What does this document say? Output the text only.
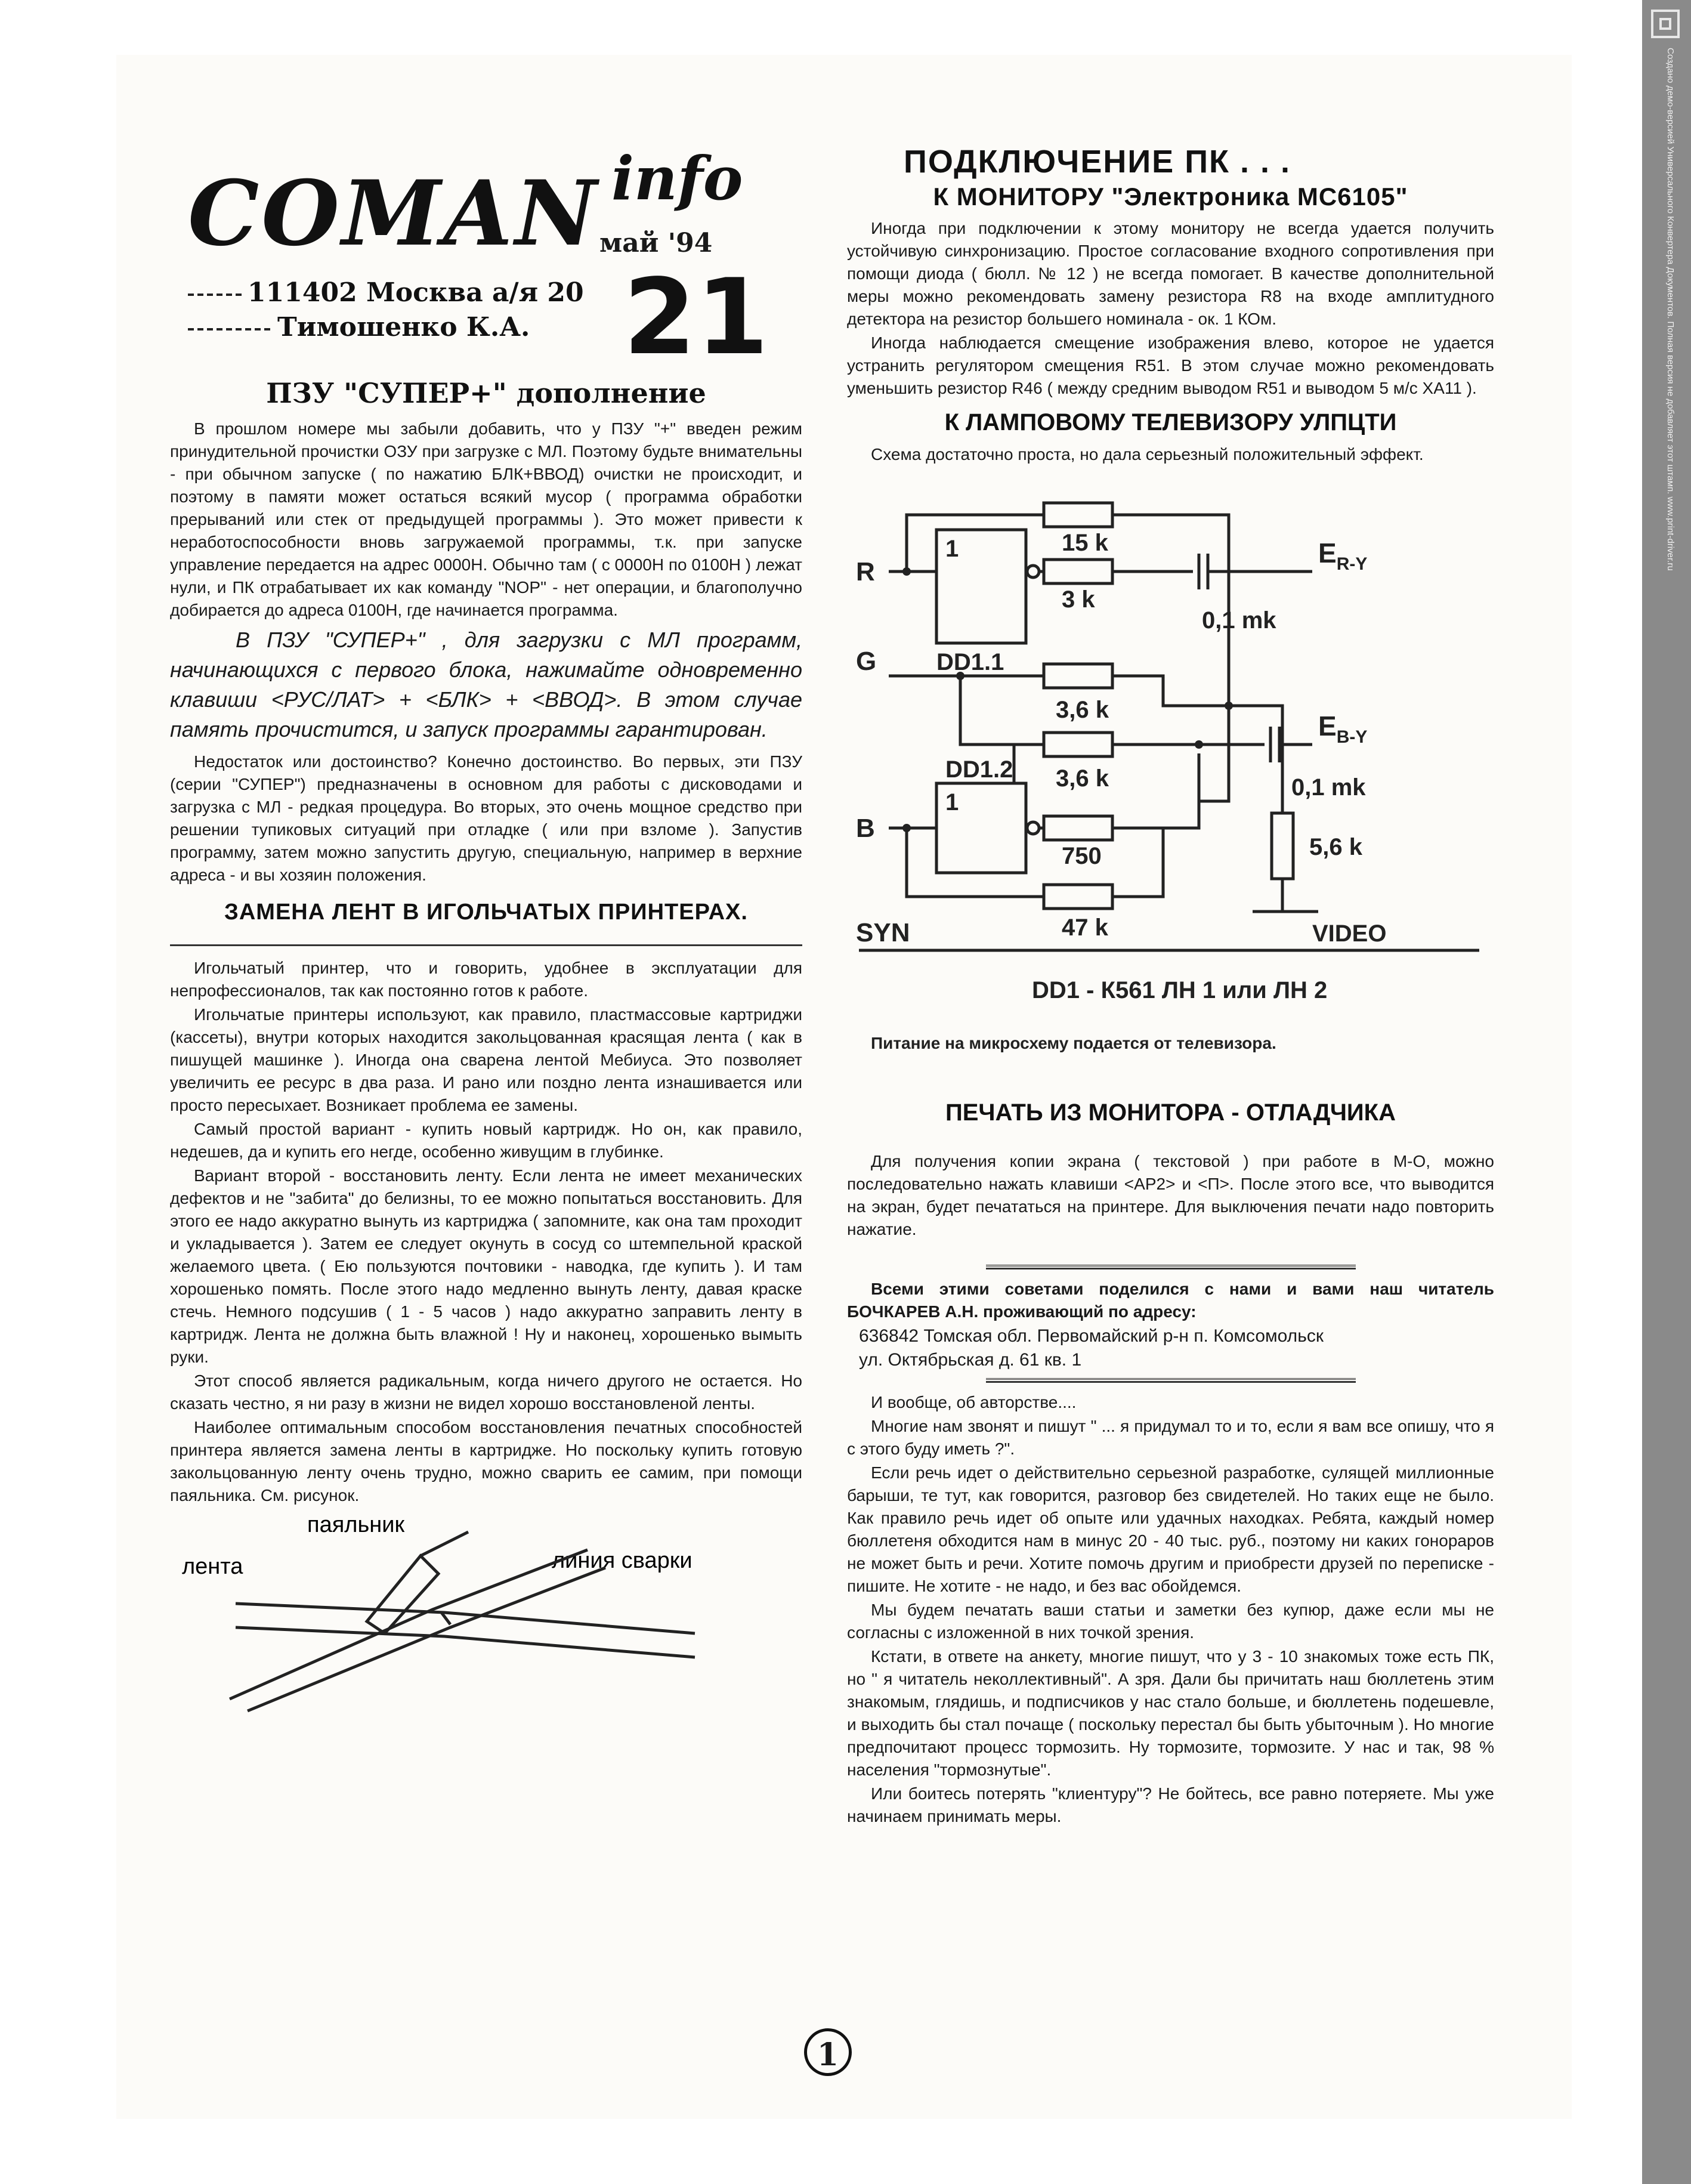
Создано демо-версией Универсального Конвертера Документов. Полная версия не добавляет этот штамп. www.print-driver.ru
COMAN info
май '94
21
111402 Москва а/я 20
Тимошенко К.А.
ПЗУ "СУПЕР+" дополнение

В прошлом номере мы забыли добавить, что у ПЗУ "+" введен режим принудительной прочистки ОЗУ при загрузке с МЛ. Поэтому будьте внимательны - при обычном запуске ( по нажатию БЛК+ВВОД) очистки не происходит, и поэтому в памяти может остаться всякий мусор ( программа обработки прерываний или стек от предыдущей программы ). Это может привести к неработоспособности вновь загружаемой программы, т.к. при запуске управление передается на адрес 0000Н. Обычно там ( с 0000Н по 0100Н ) лежат нули, и ПК отрабатывает их как команду "NOP" - нет операции, и благополучно добирается до адреса 0100Н, где начинается программа.

В ПЗУ "СУПЕР+" , для загрузки с МЛ программ, начинающихся с первого блока, нажимайте одновременно клавиши <РУС/ЛАТ> + <БЛК> + <ВВОД>. В этом случае память прочистится, и запуск программы гарантирован.

Недостаток или достоинство? Конечно достоинство. Во первых, эти ПЗУ (серии "СУПЕР") предназначены в основном для работы с дисководами и загрузка с МЛ - редкая процедура. Во вторых, это очень мощное средство при решении тупиковых ситуаций при отладке ( или при взломе ). Запустив программу, затем можно запустить другую, специальную, например в верхние адреса - и вы хозяин положения.

ЗАМЕНА ЛЕНТ В ИГОЛЬЧАТЫХ ПРИНТЕРАХ.

Игольчатый принтер, что и говорить, удобнее в эксплуатации для непрофессионалов, так как постоянно готов к работе.

Игольчатые принтеры используют, как правило, пластмассовые картриджи (кассеты), внутри которых находится закольцованная красящая лента ( как в пишущей машинке ). Иногда она сварена лентой Мебиуса. Это позволяет увеличить ее ресурс в два раза. И рано или поздно лента изнашивается или просто пересыхает. Возникает проблема ее замены.

Самый простой вариант - купить новый картридж. Но он, как правило, недешев, да и купить его негде, особенно живущим в глубинке.

Вариант второй - восстановить ленту. Если лента не имеет механических дефектов и не "забита" до белизны, то ее можно попытаться восстановить. Для этого ее надо аккуратно вынуть из картриджа ( запомните, как она там проходит и укладывается ). Затем ее следует окунуть в сосуд со штемпельной краской желаемого цвета. ( Ею пользуются почтовики - наводка, где купить ). И там хорошенько помять. После этого надо медленно вынуть ленту, давая краске стечь. Немного подсушив ( 1 - 5 часов ) надо аккуратно заправить ленту в картридж. Лента не должна быть влажной ! Ну и наконец, хорошенько вымыть руки.

Этот способ является радикальным, когда ничего другого не остается. Но сказать честно, я ни разу в жизни не видел хорошо восстановленой ленты.

Наиболее оптимальным способом восстановления печатных способностей принтера является замена ленты в картридже. Но поскольку купить готовую закольцованную ленту очень трудно, можно сварить ее самим, при помощи паяльника. См. рисунок.

паяльник
лента	линия сварки
ПОДКЛЮЧЕНИЕ ПК . . .
К МОНИТОРУ "Электроника МС6105"

Иногда при подключении к этому монитору не всегда удается получить устойчивую синхронизацию. Простое согласование входного сопротивления при помощи диода ( бюлл. № 12 ) не всегда помогает. В качестве дополнительной меры можно рекомендовать замену резистора R8 на входе амплитудного детектора на резистор большего номинала - ок. 1 КОм.

Иногда наблюдается смещение изображения влево, которое не удается устранить регулятором смещения R51. В этом случае можно рекомендовать уменьшить резистор R46 ( между средним выводом R51 и выводом 5 м/с ХА11 ).

К ЛАМПОВОМУ ТЕЛЕВИЗОРУ УЛПЦТИ

Схема достаточно проста, но дала серьезный положительный эффект.

R
G
B
SYN
1
1
DD1.1
DD1.2
15 k
3 k
3,6 k
3,6 k
750
47 k
5,6 k
0,1 mk
0,1 mk
$E_{R-Y}$
$E_{B-Y}$
VIDEO
DD1 - К561 ЛН 1 или ЛН 2
Питание на микросхему подается от телевизора.
ПЕЧАТЬ ИЗ МОНИТОРА - ОТЛАДЧИКА

Для получения копии экрана ( текстовой ) при работе в М-О, можно последовательно нажать клавиши <АР2> и <П>. После этого все, что выводится на экран, будет печататься на принтере. Для выключения печати надо повторить нажатие.

Всеми этими советами поделился с нами и вами наш читатель БОЧКАРЕВ А.Н. проживающий по адресу:

636842 Томская обл. Первомайский р-н п. Комсомольск
ул. Октябрьская д. 61 кв. 1

И вообще, об авторстве....

Многие нам звонят и пишут " ... я придумал то и то, если я вам все опишу, что я с этого буду иметь ?".

Если речь идет о действительно серьезной разработке, сулящей миллионные барыши, те тут, как говорится, разговор без свидетелей. Но таких еще не было. Как правило речь идет об опыте или удачных находках. Ребята, каждый номер бюллетеня обходится нам в минус 20 - 40 тыс. руб., поэтому ни каких гонораров не может быть и речи. Хотите помочь другим и приобрести друзей по переписке - пишите. Не хотите - не надо, и без вас обойдемся.

Мы будем печатать ваши статьи и заметки без купюр, даже если мы не согласны с изложенной в них точкой зрения.

Кстати, в ответе на анкету, многие пишут, что у 3 - 10 знакомых тоже есть ПК, но " я читатель неколлективный". А зря. Дали бы причитать наш бюллетень этим знакомым, глядишь, и подписчиков у нас стало больше, и бюллетень подешевле, и выходить бы стал почаще ( поскольку перестал бы быть убыточным ). Но многие предпочитают процесс тормозить. Ну тормозите, тормозите. У нас и так, 98 % населения "тормознутые".

Или боитесь потерять "клиентуру"? Не бойтесь, все равно потеряете. Мы уже начинаем принимать меры.

1
